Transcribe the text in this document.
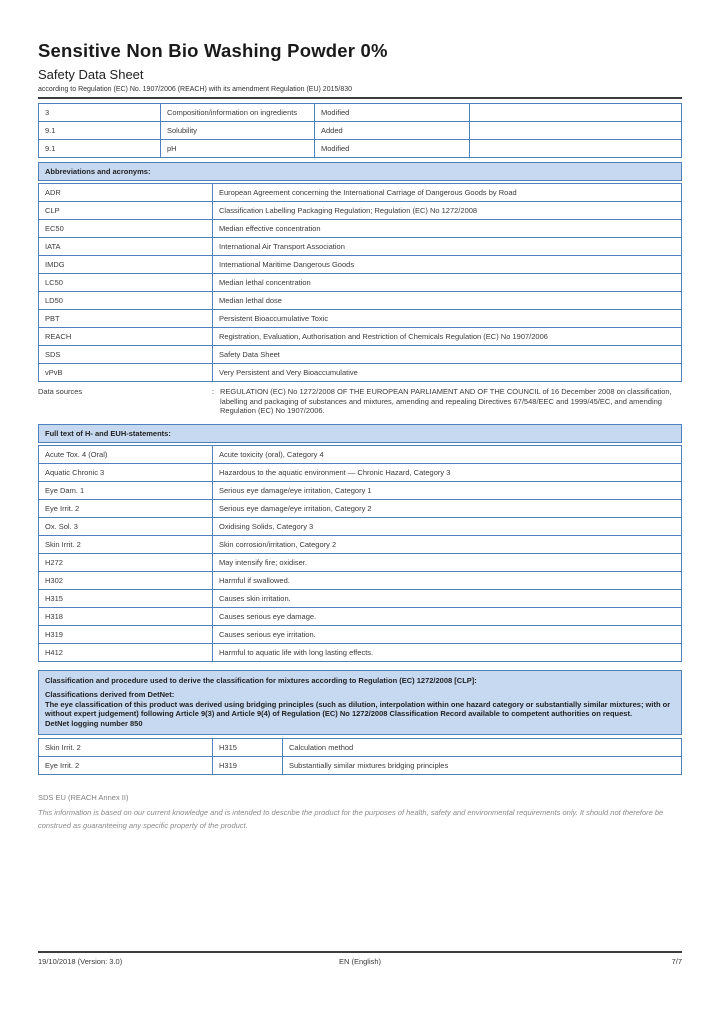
Sensitive Non Bio Washing Powder 0%
Safety Data Sheet
according to Regulation (EC) No. 1907/2006 (REACH) with its amendment Regulation (EU) 2015/830
3	Composition/information on ingredients	Modified	
9.1	Solubility	Added	
9.1	pH	Modified	
Abbreviations and acronyms:
ADR	European Agreement concerning the International Carriage of Dangerous Goods by Road
CLP	Classification Labelling Packaging Regulation; Regulation (EC) No 1272/2008
EC50	Median effective concentration
IATA	International Air Transport Association
IMDG	International Maritime Dangerous Goods
LC50	Median lethal concentration
LD50	Median lethal dose
PBT	Persistent Bioaccumulative Toxic
REACH	Registration, Evaluation, Authorisation and Restriction of Chemicals Regulation (EC) No 1907/2006
SDS	Safety Data Sheet
vPvB	Very Persistent and Very Bioaccumulative
Data sources	: REGULATION (EC) No 1272/2008 OF THE EUROPEAN PARLIAMENT AND OF THE COUNCIL of 16 December 2008 on classification, labelling and packaging of substances and mixtures, amending and repealing Directives 67/548/EEC and 1999/45/EC, and amending Regulation (EC) No 1907/2006.
Full text of H- and EUH-statements:
Acute Tox. 4 (Oral)	Acute toxicity (oral), Category 4
Aquatic Chronic 3	Hazardous to the aquatic environment — Chronic Hazard, Category 3
Eye Dam. 1	Serious eye damage/eye irritation, Category 1
Eye Irrit. 2	Serious eye damage/eye irritation, Category 2
Ox. Sol. 3	Oxidising Solids, Category 3
Skin Irrit. 2	Skin corrosion/irritation, Category 2
H272	May intensify fire; oxidiser.
H302	Harmful if swallowed.
H315	Causes skin irritation.
H318	Causes serious eye damage.
H319	Causes serious eye irritation.
H412	Harmful to aquatic life with long lasting effects.
Classification and procedure used to derive the classification for mixtures according to Regulation (EC) 1272/2008 [CLP]:
Classifications derived from DetNet:
The eye classification of this product was derived using bridging principles (such as dilution, interpolation within one hazard category or substantially similar mixtures; with or without expert judgement) following Article 9(3) and Article 9(4) of Regulation (EC) No 1272/2008 Classification Record available to competent authorities on request.
DetNet logging number 850
Skin Irrit. 2	H315	Calculation method
Eye Irrit. 2	H319	Substantially similar mixtures bridging principles
SDS EU (REACH Annex II)
This information is based on our current knowledge and is intended to describe the product for the purposes of health, safety and environmental requirements only. It should not therefore be construed as guaranteeing any specific property of the product.
19/10/2018 (Version: 3.0)	EN (English)	7/7
